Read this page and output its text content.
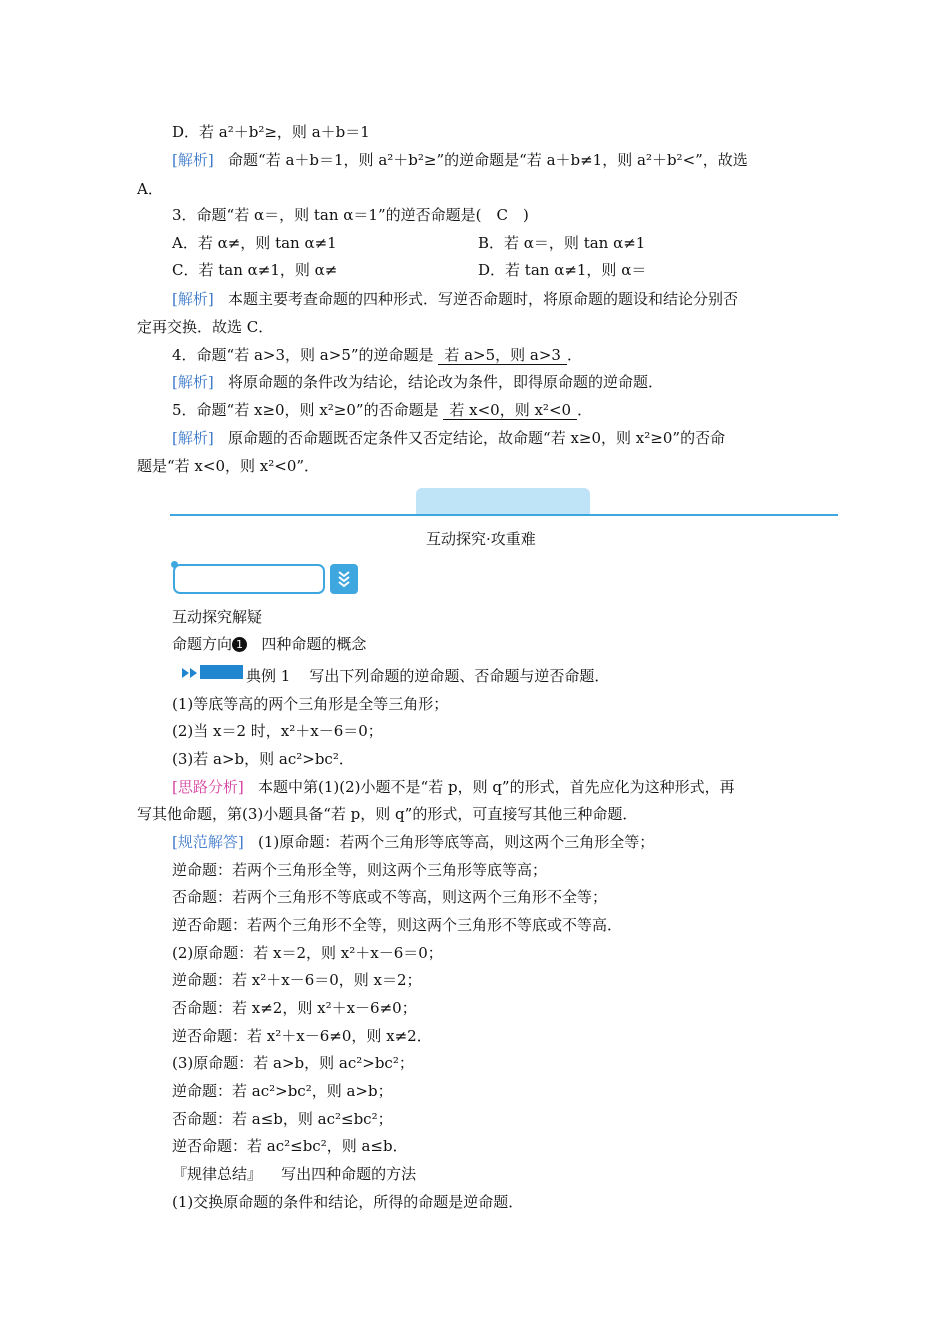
D．若 a²＋b²≥，则 a＋b＝1
[解析] 命题“若 a＋b＝1，则 a²＋b²≥”的逆命题是“若 a＋b≠1，则 a²＋b²<”，故选
A．
3．命题“若 α＝，则 tan α＝1”的逆否命题是(　C　)
A．若 α≠，则 tan α≠1	B．若 α＝，则 tan α≠1
C．若 tan α≠1，则 α≠	D．若 tan α≠1，则 α＝
[解析] 本题主要考查命题的四种形式．写逆否命题时，将原命题的题设和结论分别否
定再交换．故选 C．
4．命题“若 a>3，则 a>5”的逆命题是 若 a>5，则 a>3 ．
[解析] 将原命题的条件改为结论，结论改为条件，即得原命题的逆命题．
5．命题“若 x≥0，则 x²≥0”的否命题是 若 x<0，则 x²<0 ．
[解析] 原命题的否命题既否定条件又否定结论，故命题“若 x≥0，则 x²≥0”的否命
题是“若 x<0，则 x²<0”．
互动探究·攻重难
互动探究解疑
命题方向 1 四种命题的概念
典例 1 写出下列命题的逆命题、否命题与逆否命题．
(1)等底等高的两个三角形是全等三角形；
(2)当 x＝2 时，x²＋x－6＝0；
(3)若 a>b，则 ac²>bc²．
[思路分析] 本题中第(1)(2)小题不是“若 p，则 q”的形式，首先应化为这种形式，再
写其他命题，第(3)小题具备“若 p，则 q”的形式，可直接写其他三种命题．
[规范解答] (1)原命题：若两个三角形等底等高，则这两个三角形全等；
逆命题：若两个三角形全等，则这两个三角形等底等高；
否命题：若两个三角形不等底或不等高，则这两个三角形不全等；
逆否命题：若两个三角形不全等，则这两个三角形不等底或不等高．
(2)原命题：若 x＝2，则 x²＋x－6＝0；
逆命题：若 x²＋x－6＝0，则 x＝2；
否命题：若 x≠2，则 x²＋x－6≠0；
逆否命题：若 x²＋x－6≠0，则 x≠2．
(3)原命题：若 a>b，则 ac²>bc²；
逆命题：若 ac²>bc²，则 a>b；
否命题：若 a≤b，则 ac²≤bc²；
逆否命题：若 ac²≤bc²，则 a≤b．
『规律总结』 写出四种命题的方法
(1)交换原命题的条件和结论，所得的命题是逆命题．
